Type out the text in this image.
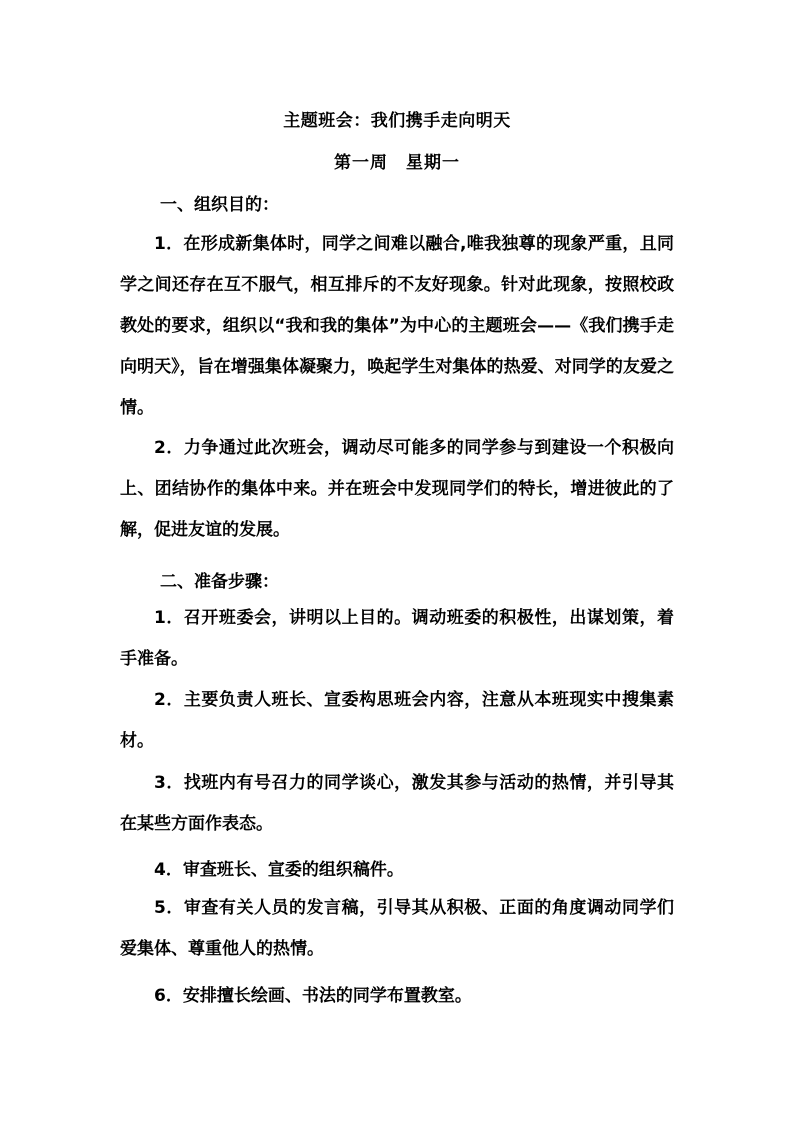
主题班会：我们携手走向明天
第一周　星期一
一、组织目的：

1．在形成新集体时，同学之间难以融合,唯我独尊的现象严重，且同学之间还存在互不服气，相互排斥的不友好现象。针对此现象，按照校政教处的要求，组织以“我和我的集体”为中心的主题班会——《我们携手走向明天》，旨在增强集体凝聚力，唤起学生对集体的热爱、对同学的友爱之情。

2．力争通过此次班会，调动尽可能多的同学参与到建设一个积极向上、团结协作的集体中来。并在班会中发现同学们的特长，增进彼此的了解，促进友谊的发展。

二、准备步骤：

1．召开班委会，讲明以上目的。调动班委的积极性，出谋划策，着手准备。

2．主要负责人班长、宣委构思班会内容，注意从本班现实中搜集素材。

3．找班内有号召力的同学谈心，激发其参与活动的热情，并引导其在某些方面作表态。

4．审查班长、宣委的组织稿件。

5．审查有关人员的发言稿，引导其从积极、正面的角度调动同学们爱集体、尊重他人的热情。

6．安排擅长绘画、书法的同学布置教室。
